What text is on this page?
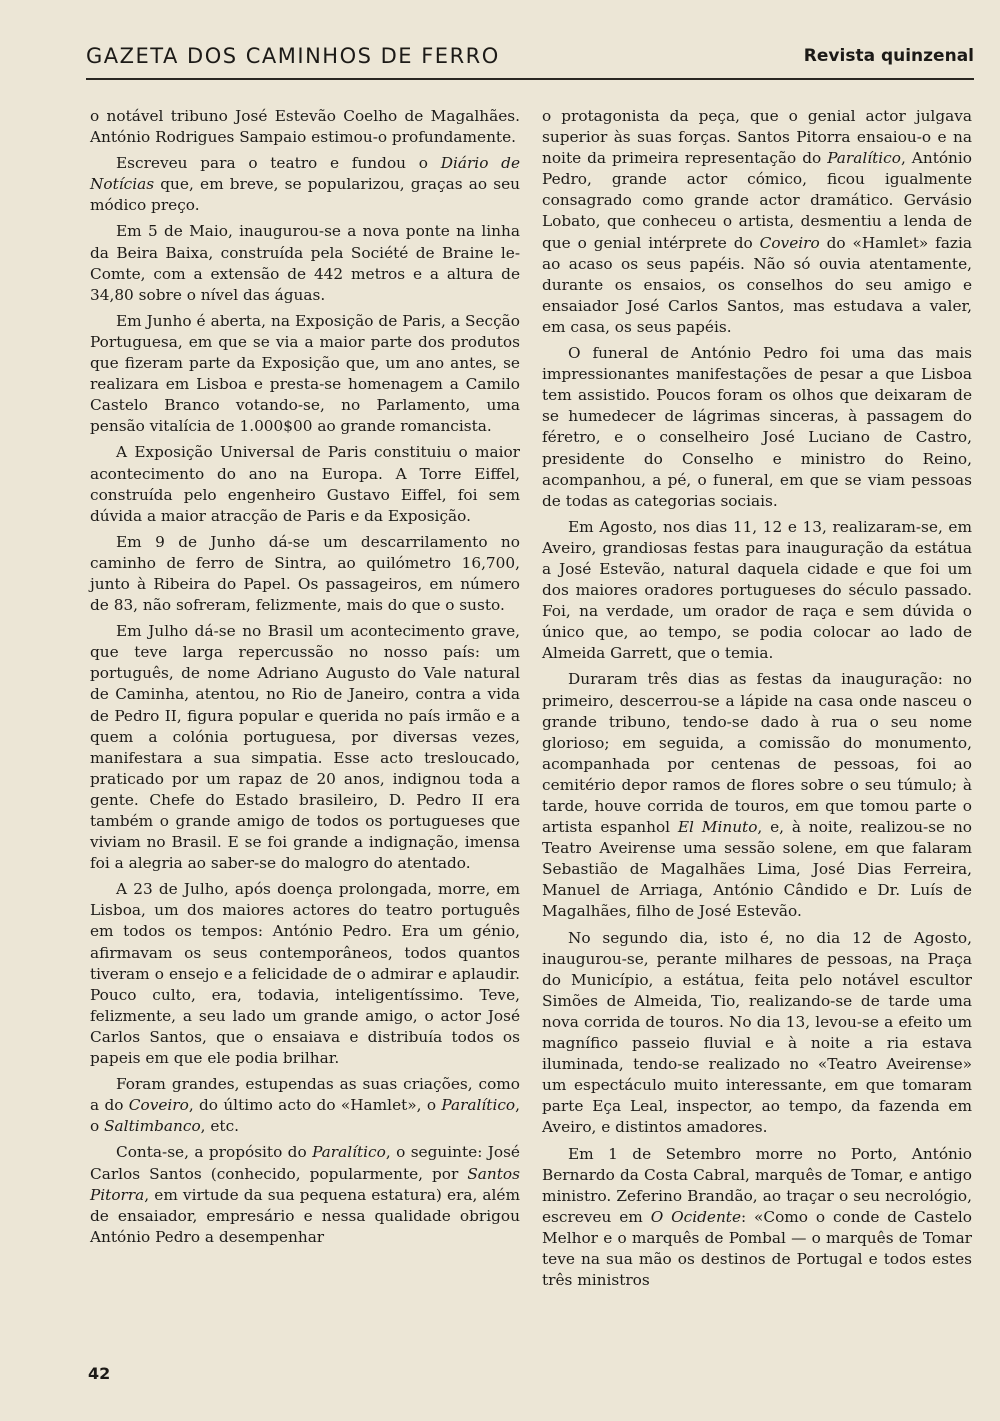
GAZETA DOS CAMINHOS DE FERRO	Revista quinzenal

o notável tribuno José Estevão Coelho de Magalhães. António Rodrigues Sampaio estimou-o profundamente.

Escreveu para o teatro e fundou o Diário de Notícias que, em breve, se popularizou, graças ao seu módico preço.

Em 5 de Maio, inaugurou-se a nova ponte na linha da Beira Baixa, construída pela Société de Braine le-Comte, com a extensão de 442 metros e a altura de 34,80 sobre o nível das águas.

Em Junho é aberta, na Exposição de Paris, a Secção Portuguesa, em que se via a maior parte dos produtos que fizeram parte da Exposição que, um ano antes, se realizara em Lisboa e presta-se homenagem a Camilo Castelo Branco votando-se, no Parlamento, uma pensão vitalícia de 1.000$00 ao grande romancista.

A Exposição Universal de Paris constituiu o maior acontecimento do ano na Europa. A Torre Eiffel, construída pelo engenheiro Gustavo Eiffel, foi sem dúvida a maior atracção de Paris e da Exposição.

Em 9 de Junho dá-se um descarrilamento no caminho de ferro de Sintra, ao quilómetro 16,700, junto à Ribeira do Papel. Os passageiros, em número de 83, não sofreram, felizmente, mais do que o susto.

Em Julho dá-se no Brasil um acontecimento grave, que teve larga repercussão no nosso país: um português, de nome Adriano Augusto do Vale natural de Caminha, atentou, no Rio de Janeiro, contra a vida de Pedro II, figura popular e querida no país irmão e a quem a colónia portuguesa, por diversas vezes, manifestara a sua simpatia. Esse acto tresloucado, praticado por um rapaz de 20 anos, indignou toda a gente. Chefe do Estado brasileiro, D. Pedro II era também o grande amigo de todos os portugueses que viviam no Brasil. E se foi grande a indignação, imensa foi a alegria ao saber-se do malogro do atentado.

A 23 de Julho, após doença prolongada, morre, em Lisboa, um dos maiores actores do teatro português em todos os tempos: António Pedro. Era um génio, afirmavam os seus contemporâneos, todos quantos tiveram o ensejo e a felicidade de o admirar e aplaudir. Pouco culto, era, todavia, inteligentíssimo. Teve, felizmente, a seu lado um grande amigo, o actor José Carlos Santos, que o ensaiava e distribuía todos os papeis em que ele podia brilhar.

Foram grandes, estupendas as suas criações, como a do Coveiro, do último acto do «Hamlet», o Paralítico, o Saltimbanco, etc.

Conta-se, a propósito do Paralítico, o seguinte: José Carlos Santos (conhecido, popularmente, por Santos Pitorra, em virtude da sua pequena estatura) era, além de ensaiador, empresário e nessa qualidade obrigou António Pedro a desempenhar

o protagonista da peça, que o genial actor julgava superior às suas forças. Santos Pitorra ensaiou-o e na noite da primeira representação do Paralítico, António Pedro, grande actor cómico, ficou igualmente consagrado como grande actor dramático. Gervásio Lobato, que conheceu o artista, desmentiu a lenda de que o genial intérprete do Coveiro do «Hamlet» fazia ao acaso os seus papéis. Não só ouvia atentamente, durante os ensaios, os conselhos do seu amigo e ensaiador José Carlos Santos, mas estudava a valer, em casa, os seus papéis.

O funeral de António Pedro foi uma das mais impressionantes manifestações de pesar a que Lisboa tem assistido. Poucos foram os olhos que deixaram de se humedecer de lágrimas sinceras, à passagem do féretro, e o conselheiro José Luciano de Castro, presidente do Conselho e ministro do Reino, acompanhou, a pé, o funeral, em que se viam pessoas de todas as categorias sociais.

Em Agosto, nos dias 11, 12 e 13, realizaram-se, em Aveiro, grandiosas festas para inauguração da estátua a José Estevão, natural daquela cidade e que foi um dos maiores oradores portugueses do século passado. Foi, na verdade, um orador de raça e sem dúvida o único que, ao tempo, se podia colocar ao lado de Almeida Garrett, que o temia.

Duraram três dias as festas da inauguração: no primeiro, descerrou-se a lápide na casa onde nasceu o grande tribuno, tendo-se dado à rua o seu nome glorioso; em seguida, a comissão do monumento, acompanhada por centenas de pessoas, foi ao cemitério depor ramos de flores sobre o seu túmulo; à tarde, houve corrida de touros, em que tomou parte o artista espanhol El Minuto, e, à noite, realizou-se no Teatro Aveirense uma sessão solene, em que falaram Sebastião de Magalhães Lima, José Dias Ferreira, Manuel de Arriaga, António Cândido e Dr. Luís de Magalhães, filho de José Estevão.

No segundo dia, isto é, no dia 12 de Agosto, inaugurou-se, perante milhares de pessoas, na Praça do Município, a estátua, feita pelo notável escultor Simões de Almeida, Tio, realizando-se de tarde uma nova corrida de touros. No dia 13, levou-se a efeito um magnífico passeio fluvial e à noite a ria estava iluminada, tendo-se realizado no «Teatro Aveirense» um espectáculo muito interessante, em que tomaram parte Eça Leal, inspector, ao tempo, da fazenda em Aveiro, e distintos amadores.

Em 1 de Setembro morre no Porto, António Bernardo da Costa Cabral, marquês de Tomar, e antigo ministro. Zeferino Brandão, ao traçar o seu necrológio, escreveu em O Ocidente: «Como o conde de Castelo Melhor e o marquês de Pombal — o marquês de Tomar teve na sua mão os destinos de Portugal e todos estes três ministros

42
